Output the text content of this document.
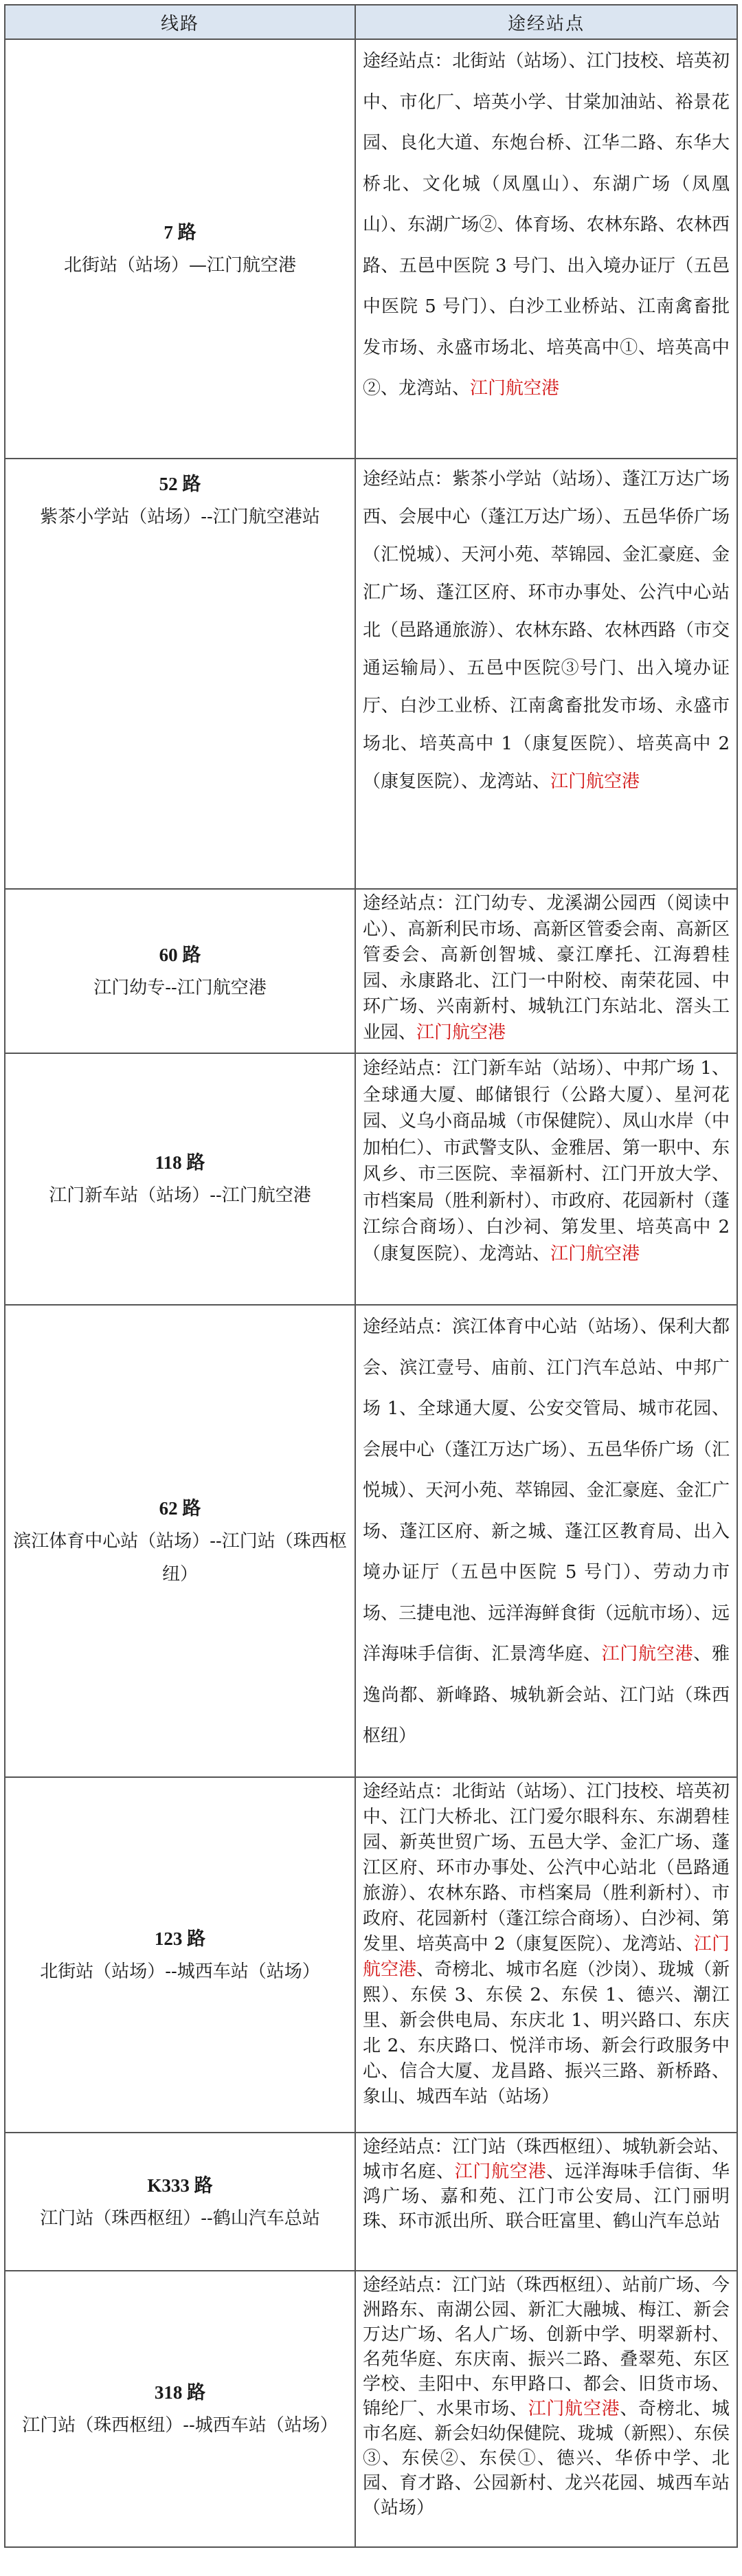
线路	途经站点

7 路
北街站（站场）—江门航空港	途经站点：北街站（站场）、江门技校、培英初中、市化厂、培英小学、甘棠加油站、裕景花园、良化大道、东炮台桥、江华二路、东华大桥北、文化城（凤凰山）、东湖广场（凤凰山）、东湖广场②、体育场、农林东路、农林西路、五邑中医院 3 号门、出入境办证厅（五邑中医院 5 号门）、白沙工业桥站、江南禽畜批发市场、永盛市场北、培英高中①、培英高中②、龙湾站、江门航空港

52 路
紫茶小学站（站场）--江门航空港站	途经站点：紫茶小学站（站场）、蓬江万达广场西、会展中心（蓬江万达广场）、五邑华侨广场（汇悦城）、天河小苑、萃锦园、金汇豪庭、金汇广场、蓬江区府、环市办事处、公汽中心站北（邑路通旅游）、农林东路、农林西路（市交通运输局）、五邑中医院③号门、出入境办证厅、白沙工业桥、江南禽畜批发市场、永盛市场北、培英高中 1（康复医院）、培英高中 2（康复医院）、龙湾站、江门航空港

60 路
江门幼专--江门航空港	途经站点：江门幼专、龙溪湖公园西（阅读中心）、高新利民市场、高新区管委会南、高新区管委会、高新创智城、豪江摩托、江海碧桂园、永康路北、江门一中附校、南荣花园、中环广场、兴南新村、城轨江门东站北、滘头工业园、江门航空港

118 路
江门新车站（站场）--江门航空港	途经站点：江门新车站（站场）、中邦广场 1、全球通大厦、邮储银行（公路大厦）、星河花园、义乌小商品城（市保健院）、凤山水岸（中加柏仁）、市武警支队、金雅居、第一职中、东风乡、市三医院、幸福新村、江门开放大学、市档案局（胜利新村）、市政府、花园新村（蓬江综合商场）、白沙祠、第发里、培英高中 2（康复医院）、龙湾站、江门航空港

62 路
滨江体育中心站（站场）--江门站（珠西枢纽）	途经站点：滨江体育中心站（站场）、保利大都会、滨江壹号、庙前、江门汽车总站、中邦广场 1、全球通大厦、公安交管局、城市花园、会展中心（蓬江万达广场）、五邑华侨广场（汇悦城）、天河小苑、萃锦园、金汇豪庭、金汇广场、蓬江区府、新之城、蓬江区教育局、出入境办证厅（五邑中医院 5 号门）、劳动力市场、三捷电池、远洋海鲜食街（远航市场）、远洋海味手信街、汇景湾华庭、江门航空港、雅逸尚都、新峰路、城轨新会站、江门站（珠西枢纽）

123 路
北街站（站场）--城西车站（站场）	途经站点：北街站（站场）、江门技校、培英初中、江门大桥北、江门爱尔眼科东、东湖碧桂园、新英世贸广场、五邑大学、金汇广场、蓬江区府、环市办事处、公汽中心站北（邑路通旅游）、农林东路、市档案局（胜利新村）、市政府、花园新村（蓬江综合商场）、白沙祠、第发里、培英高中 2（康复医院）、龙湾站、江门航空港、奇榜北、城市名庭（沙岗）、珑城（新熙）、东侯 3、东侯 2、东侯 1、德兴、潮江里、新会供电局、东庆北 1、明兴路口、东庆北 2、东庆路口、悦洋市场、新会行政服务中心、信合大厦、龙昌路、振兴三路、新桥路、象山、城西车站（站场）

K333 路
江门站（珠西枢纽）--鹤山汽车总站	途经站点：江门站（珠西枢纽）、城轨新会站、城市名庭、江门航空港、远洋海味手信街、华鸿广场、嘉和苑、江门市公安局、江门丽明珠、环市派出所、联合旺富里、鹤山汽车总站

318 路
江门站（珠西枢纽）--城西车站（站场）	途经站点：江门站（珠西枢纽）、站前广场、今洲路东、南湖公园、新汇大融城、梅江、新会万达广场、名人广场、创新中学、明翠新村、名苑华庭、东庆南、振兴二路、叠翠苑、东区学校、圭阳中、东甲路口、都会、旧货市场、锦纶厂、水果市场、江门航空港、奇榜北、城市名庭、新会妇幼保健院、珑城（新熙）、东侯③、东侯②、东侯①、德兴、华侨中学、北园、育才路、公园新村、龙兴花园、城西车站（站场）
